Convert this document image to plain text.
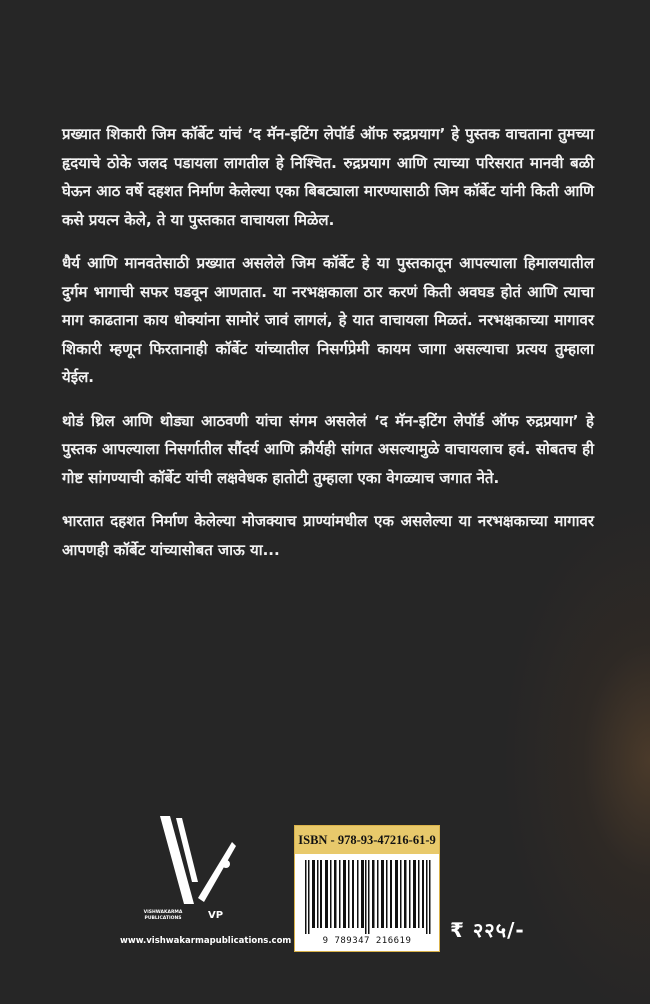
प्रख्यात शिकारी जिम कॉर्बेट यांचं ‘द मॅन-इटिंग लेपॉर्ड ऑफ रुद्रप्रयाग’ हे पुस्तक वाचताना तुमच्या हृदयाचे ठोके जलद पडायला लागतील हे निश्चित. रुद्रप्रयाग आणि त्याच्या परिसरात मानवी बळी घेऊन आठ वर्षे दहशत निर्माण केलेल्या एका बिबट्याला मारण्यासाठी जिम कॉर्बेट यांनी किती आणि कसे प्रयत्न केले, ते या पुस्तकात वाचायला मिळेल.

धैर्य आणि मानवतेसाठी प्रख्यात असलेले जिम कॉर्बेट हे या पुस्तकातून आपल्याला हिमालयातील दुर्गम भागाची सफर घडवून आणतात. या नरभक्षकाला ठार करणं किती अवघड होतं आणि त्याचा माग काढताना काय धोक्यांना सामोरं जावं लागलं, हे यात वाचायला मिळतं. नरभक्षकाच्या मागावर शिकारी म्हणून फिरतानाही कॉर्बेट यांच्यातील निसर्गप्रेमी कायम जागा असल्याचा प्रत्यय तुम्हाला येईल.

थोडं थ्रिल आणि थोड्या आठवणी यांचा संगम असलेलं ‘द मॅन-इटिंग लेपॉर्ड ऑफ रुद्रप्रयाग’ हे पुस्तक आपल्याला निसर्गातील सौंदर्य आणि क्रौर्यही सांगत असल्यामुळे वाचायलाच हवं. सोबतच ही गोष्ट सांगण्याची कॉर्बेट यांची लक्षवेधक हातोटी तुम्हाला एका वेगळ्याच जगात नेते.

भारतात दहशत निर्माण केलेल्या मोजक्याच प्राण्यांमधील एक असलेल्या या नरभक्षकाच्या मागावर आपणही कॉर्बेट यांच्यासोबत जाऊ या...

VISHWAKARMA PUBLICATIONS	VP
www.vishwakarmapublications.com
ISBN - 978-93-47216-61-9
9 789347 216619	₹ २२५/-
